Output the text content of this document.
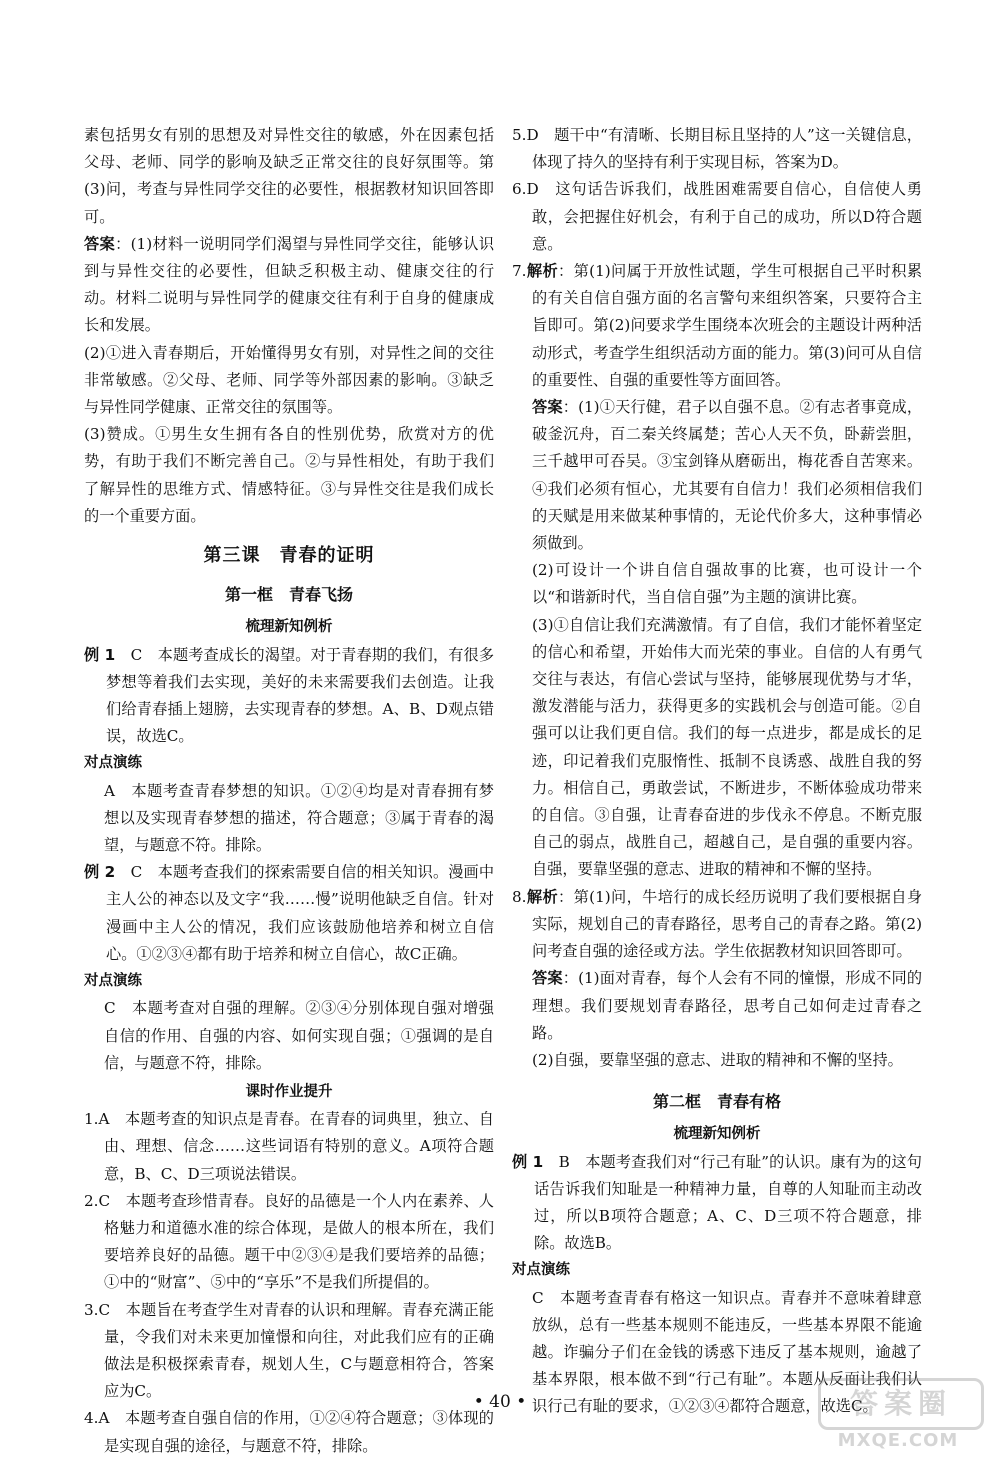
素包括男女有别的思想及对异性交往的敏感，外在因素包括父母、老师、同学的影响及缺乏正常交往的良好氛围等。第(3)问，考查与异性同学交往的必要性，根据教材知识回答即可。

答案：(1)材料一说明同学们渴望与异性同学交往，能够认识到与异性交往的必要性，但缺乏积极主动、健康交往的行动。材料二说明与异性同学的健康交往有利于自身的健康成长和发展。

(2)①进入青春期后，开始懂得男女有别，对异性之间的交往非常敏感。②父母、老师、同学等外部因素的影响。③缺乏与异性同学健康、正常交往的氛围等。

(3)赞成。①男生女生拥有各自的性别优势，欣赏对方的优势，有助于我们不断完善自己。②与异性相处，有助于我们了解异性的思维方式、情感特征。③与异性交往是我们成长的一个重要方面。

第三课　青春的证明
第一框　青春飞扬
梳理新知例析

例 1　C　本题考查成长的渴望。对于青春期的我们，有很多梦想等着我们去实现，美好的未来需要我们去创造。让我们给青春插上翅膀，去实现青春的梦想。A、B、D观点错误，故选C。

对点演练

A　本题考查青春梦想的知识。①②④均是对青春拥有梦想以及实现青春梦想的描述，符合题意；③属于青春的渴望，与题意不符。排除。

例 2　C　本题考查我们的探索需要自信的相关知识。漫画中主人公的神态以及文字“我……慢”说明他缺乏自信。针对漫画中主人公的情况，我们应该鼓励他培养和树立自信心。①②③④都有助于培养和树立自信心，故C正确。

对点演练

C　本题考查对自强的理解。②③④分别体现自强对增强自信的作用、自强的内容、如何实现自强；①强调的是自信，与题意不符，排除。

课时作业提升

1.A　本题考查的知识点是青春。在青春的词典里，独立、自由、理想、信念……这些词语有特别的意义。A项符合题意，B、C、D三项说法错误。

2.C　本题考查珍惜青春。良好的品德是一个人内在素养、人格魅力和道德水准的综合体现，是做人的根本所在，我们要培养良好的品德。题干中②③④是我们要培养的品德；①中的“财富”、⑤中的“享乐”不是我们所提倡的。

3.C　本题旨在考查学生对青春的认识和理解。青春充满正能量，令我们对未来更加憧憬和向往，对此我们应有的正确做法是积极探索青春，规划人生，C与题意相符合，答案应为C。

4.A　本题考查自强自信的作用，①②④符合题意；③体现的是实现自强的途径，与题意不符，排除。

5.D　题干中“有清晰、长期目标且坚持的人”这一关键信息，体现了持久的坚持有利于实现目标，答案为D。

6.D　这句话告诉我们，战胜困难需要自信心，自信使人勇敢，会把握住好机会，有利于自己的成功，所以D符合题意。

7.解析：第(1)问属于开放性试题，学生可根据自己平时积累的有关自信自强方面的名言警句来组织答案，只要符合主旨即可。第(2)问要求学生围绕本次班会的主题设计两种活动形式，考查学生组织活动方面的能力。第(3)问可从自信的重要性、自强的重要性等方面回答。

答案：(1)①天行健，君子以自强不息。②有志者事竟成，破釜沉舟，百二秦关终属楚；苦心人天不负，卧薪尝胆，三千越甲可吞吴。③宝剑锋从磨砺出，梅花香自苦寒来。④我们必须有恒心，尤其要有自信力！我们必须相信我们的天赋是用来做某种事情的，无论代价多大，这种事情必须做到。

(2)可设计一个讲自信自强故事的比赛，也可设计一个以“和谐新时代，当自信自强”为主题的演讲比赛。

(3)①自信让我们充满激情。有了自信，我们才能怀着坚定的信心和希望，开始伟大而光荣的事业。自信的人有勇气交往与表达，有信心尝试与坚持，能够展现优势与才华，激发潜能与活力，获得更多的实践机会与创造可能。②自强可以让我们更自信。我们的每一点进步，都是成长的足迹，印记着我们克服惰性、抵制不良诱惑、战胜自我的努力。相信自己，勇敢尝试，不断进步，不断体验成功带来的自信。③自强，让青春奋进的步伐永不停息。不断克服自己的弱点，战胜自己，超越自己，是自强的重要内容。自强，要靠坚强的意志、进取的精神和不懈的坚持。

8.解析：第(1)问，牛培行的成长经历说明了我们要根据自身实际，规划自己的青春路径，思考自己的青春之路。第(2)问考查自强的途径或方法。学生依据教材知识回答即可。

答案：(1)面对青春，每个人会有不同的憧憬，形成不同的理想。我们要规划青春路径，思考自己如何走过青春之路。

(2)自强，要靠坚强的意志、进取的精神和不懈的坚持。

第二框　青春有格
梳理新知例析

例 1　B　本题考查我们对“行己有耻”的认识。康有为的这句话告诉我们知耻是一种精神力量，自尊的人知耻而主动改过，所以B项符合题意；A、C、D三项不符合题意，排除。故选B。

对点演练

C　本题考查青春有格这一知识点。青春并不意味着肆意放纵，总有一些基本规则不能违反，一些基本界限不能逾越。诈骗分子们在金钱的诱惑下违反了基本规则，逾越了基本界限，根本做不到“行己有耻”。本题从反面让我们认识行己有耻的要求，①②③④都符合题意，故选C。

• 40 •	答案圈
MXQE.COM
